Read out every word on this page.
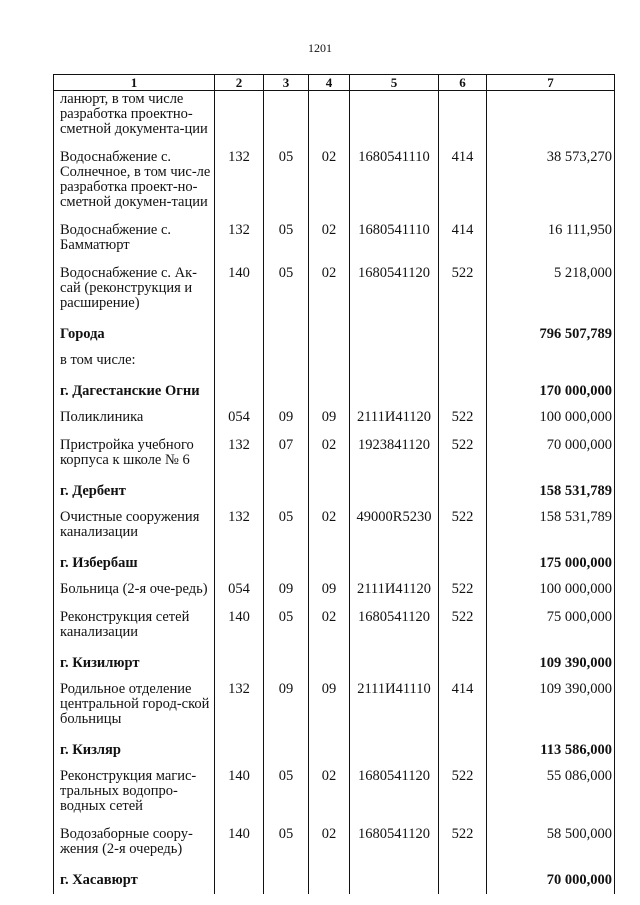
1201
1	2	3	4	5	6	7
ланюрт, в том числе разработка проектно-сметной документа-ции						
Водоснабжение с. Солнечное, в том чис-ле разработка проект-но-сметной докумен-тации	132	05	02	1680541110	414	38 573,270
Водоснабжение с. Бамматюрт	132	05	02	1680541110	414	16 111,950
Водоснабжение с. Ак-сай (реконструкция и расширение)	140	05	02	1680541120	522	5 218,000
Города						796 507,789
в том числе:						
г. Дагестанские Огни						170 000,000
Поликлиника	054	09	09	2111И41120	522	100 000,000
Пристройка учебного корпуса к школе № 6	132	07	02	1923841120	522	70 000,000
г. Дербент						158 531,789
Очистные сооружения канализации	132	05	02	49000R5230	522	158 531,789
г. Избербаш						175 000,000
Больница (2-я оче-редь)	054	09	09	2111И41120	522	100 000,000
Реконструкция сетей канализации	140	05	02	1680541120	522	75 000,000
г. Кизилюрт						109 390,000
Родильное отделение центральной город-ской больницы	132	09	09	2111И41110	414	109 390,000
г. Кизляр						113 586,000
Реконструкция магис-тральных водопро-водных сетей	140	05	02	1680541120	522	55 086,000
Водозаборные соору-жения (2-я очередь)	140	05	02	1680541120	522	58 500,000
г. Хасавюрт						70 000,000
